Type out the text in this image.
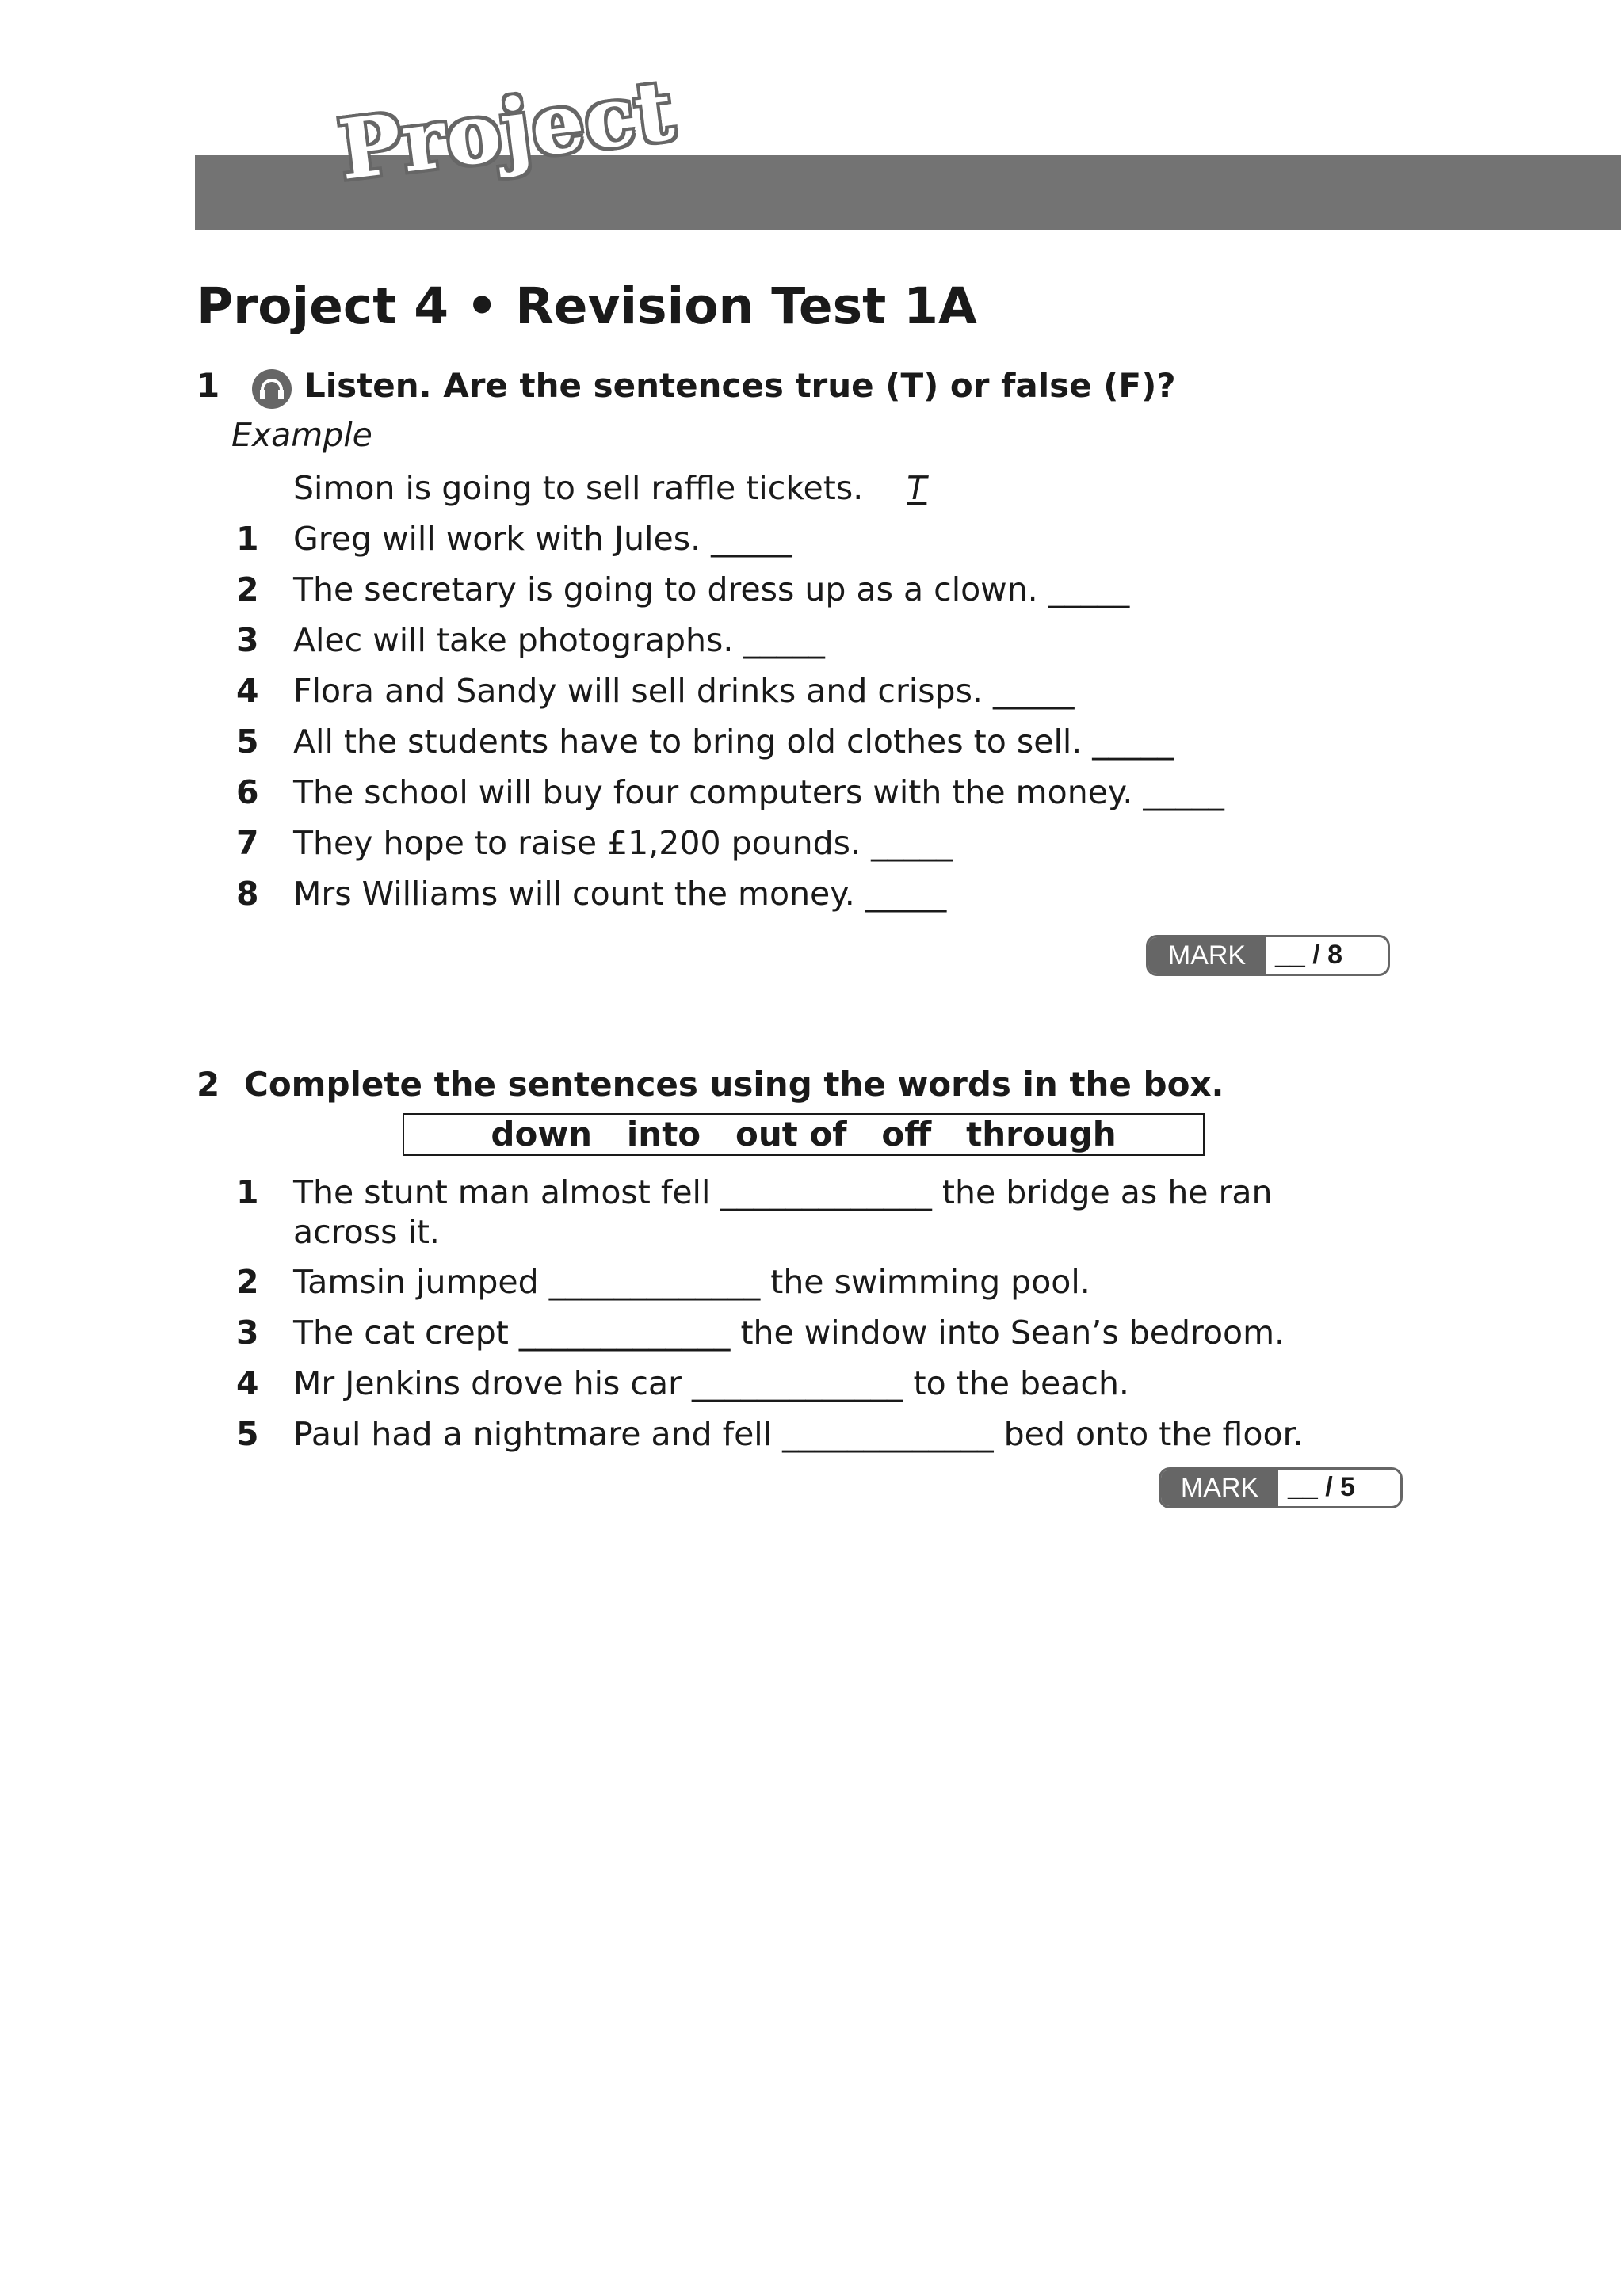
Project
Project 4 • Revision Test 1A
1	Listen. Are the sentences true (T) or false (F)?
Example
Simon is going to sell raffle tickets. T
1 Greg will work with Jules. _____
2 The secretary is going to dress up as a clown. _____
3 Alec will take photographs. _____
4 Flora and Sandy will sell drinks and crisps. _____
5 All the students have to bring old clothes to sell. _____
6 The school will buy four computers with the money. _____
7 They hope to raise £1,200 pounds. _____
8 Mrs Williams will count the money. _____
MARK	__ / 8
2 Complete the sentences using the words in the box.
down   into   out of   off   through
1 The stunt man almost fell _____________ the bridge as he ran
across it.
2 Tamsin jumped _____________ the swimming pool.
3 The cat crept _____________ the window into Sean’s bedroom.
4 Mr Jenkins drove his car _____________ to the beach.
5 Paul had a nightmare and fell _____________ bed onto the floor.
MARK	__ / 5
